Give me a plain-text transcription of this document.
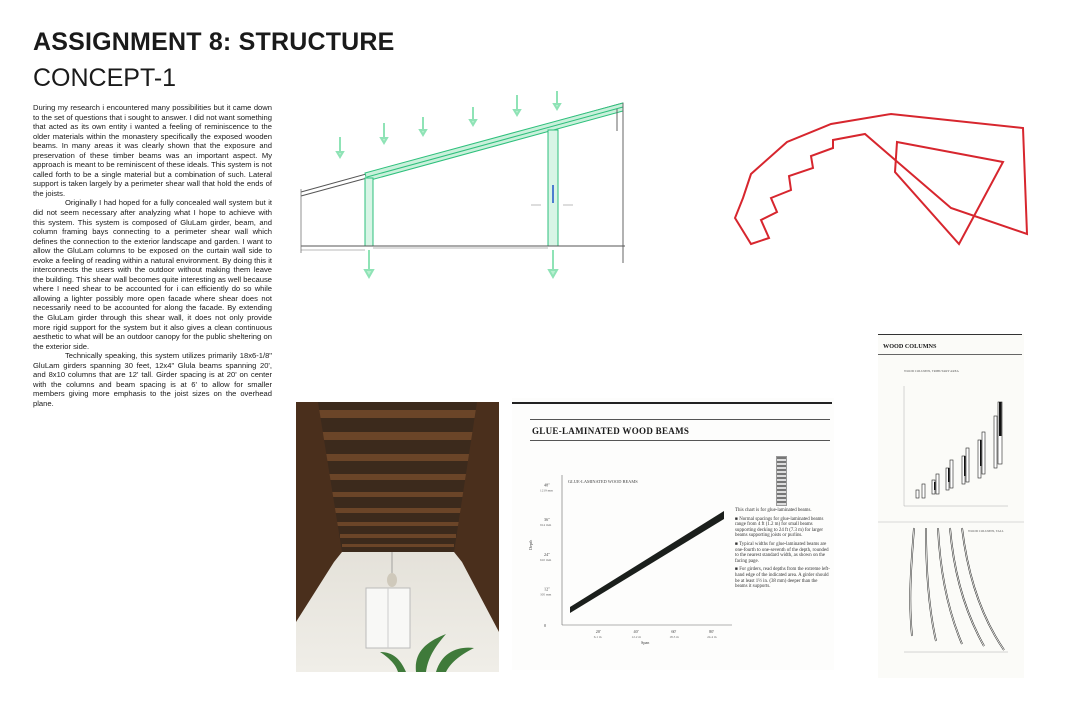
ASSIGNMENT 8: STRUCTURE
CONCEPT-1

During my research i encountered many possibilities but it came down to the set of questions that i sought to answer. I did not want something that acted as its own entity i wanted a feeling of reminiscence to the older materials within the monastery specifically the exposed wooden beams. In many areas it was clearly shown that the exposure and preservation of these timber beams was an important aspect. My approach is meant to be reminiscent of these ideals. This system is not called forth to be a single material but a combination of such. Lateral support is taken largely by a perimeter shear wall that hold the ends of the joists.

Originally I had hoped for a fully concealed wall system but it did not seem necessary after analyzing what I hope to achieve with this system. This system is composed of GluLam girder, beam, and column framing bays connecting to a perimeter shear wall which defines the connection to the exterior landscape and garden. I want to allow the GluLam columns to be exposed on the curtain wall side to evoke a feeling of reading within a natural environment. By doing this it interconnects the users with the outdoor without making them leave the building. This shear wall becomes quite interesting as well because where I need shear to be accounted for i can efficiently do so while allowing a lighter possibly more open facade where shear does not necessarily need to be accounted for along the facade. By extending the GluLam girder through this shear wall, it does not only provide more rigid support for the system but it also gives a clean continuous aesthetic to what will be an outdoor canopy for the public sheltering on the exterior side.

Technically speaking, this system utilizes primarily 18x6-1/8" GluLam girders spanning 30 feet, 12x4" Glula beams spanning 20', and 8x10 columns that are 12' tall. Girder spacing is at 20' on center with the columns and beam spacing is at 6' to allow for smaller members giving more emphasis to the joist sizes on the overhead plane.

GLUE-LAMINATED WOOD BEAMS
GLUE-LAMINATED WOOD BEAMS
48"
1219 mm
36"
914 mm
24"
610 mm
12"
305 mm
0
20'
6.1 m
40'
12.2 m
60'
18.3 m
80'
24.4 m
Span
Depth
This chart is for glue-laminated beams.
■ Normal spacings for glue-laminated beams range from 4 ft (1.2 m) for small beams supporting decking to 24 ft (7.3 m) for larger beams supporting joists or purlins.
■ Typical widths for glue-laminated beams are one-fourth to one-seventh of the depth, rounded to the nearest standard width, as shown on the facing page.
■ For girders, read depths from the extreme left-hand edge of the indicated area. A girder should be at least 1½ in. (38 mm) deeper than the beams it supports.
WOOD COLUMNS
WOOD COLUMNS, TRIBUTARY AREA
WOOD COLUMNS, TALL
